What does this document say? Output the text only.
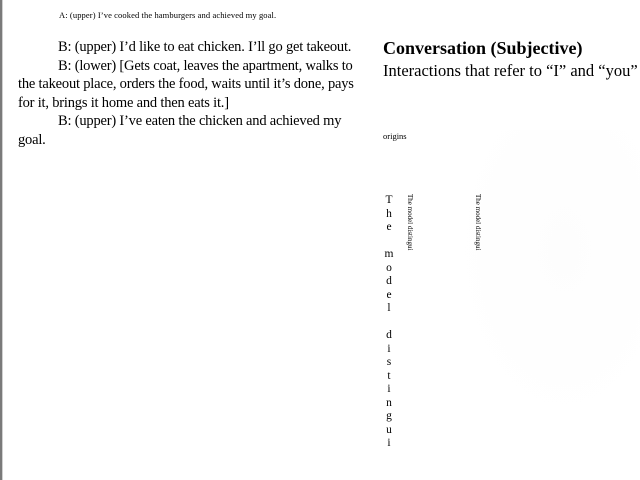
A: (upper) I’ve cooked the hamburgers and achieved my goal.

B: (upper) I’d like to eat chicken. I’ll go get takeout.

B: (lower) [Gets coat, leaves the apartment, walks to the takeout place, orders the food, waits until it’s done, pays for it, brings it home and then eats it.]

B: (upper) I’ve eaten the chicken and achieved my goal.

Conversation (Subjective)
Interactions that refer to “I” and “you”
origins
T
h
e
m
o
d
e
l
d
i
s
t
i
n
g
u
i
The model distingui	The model distingui
